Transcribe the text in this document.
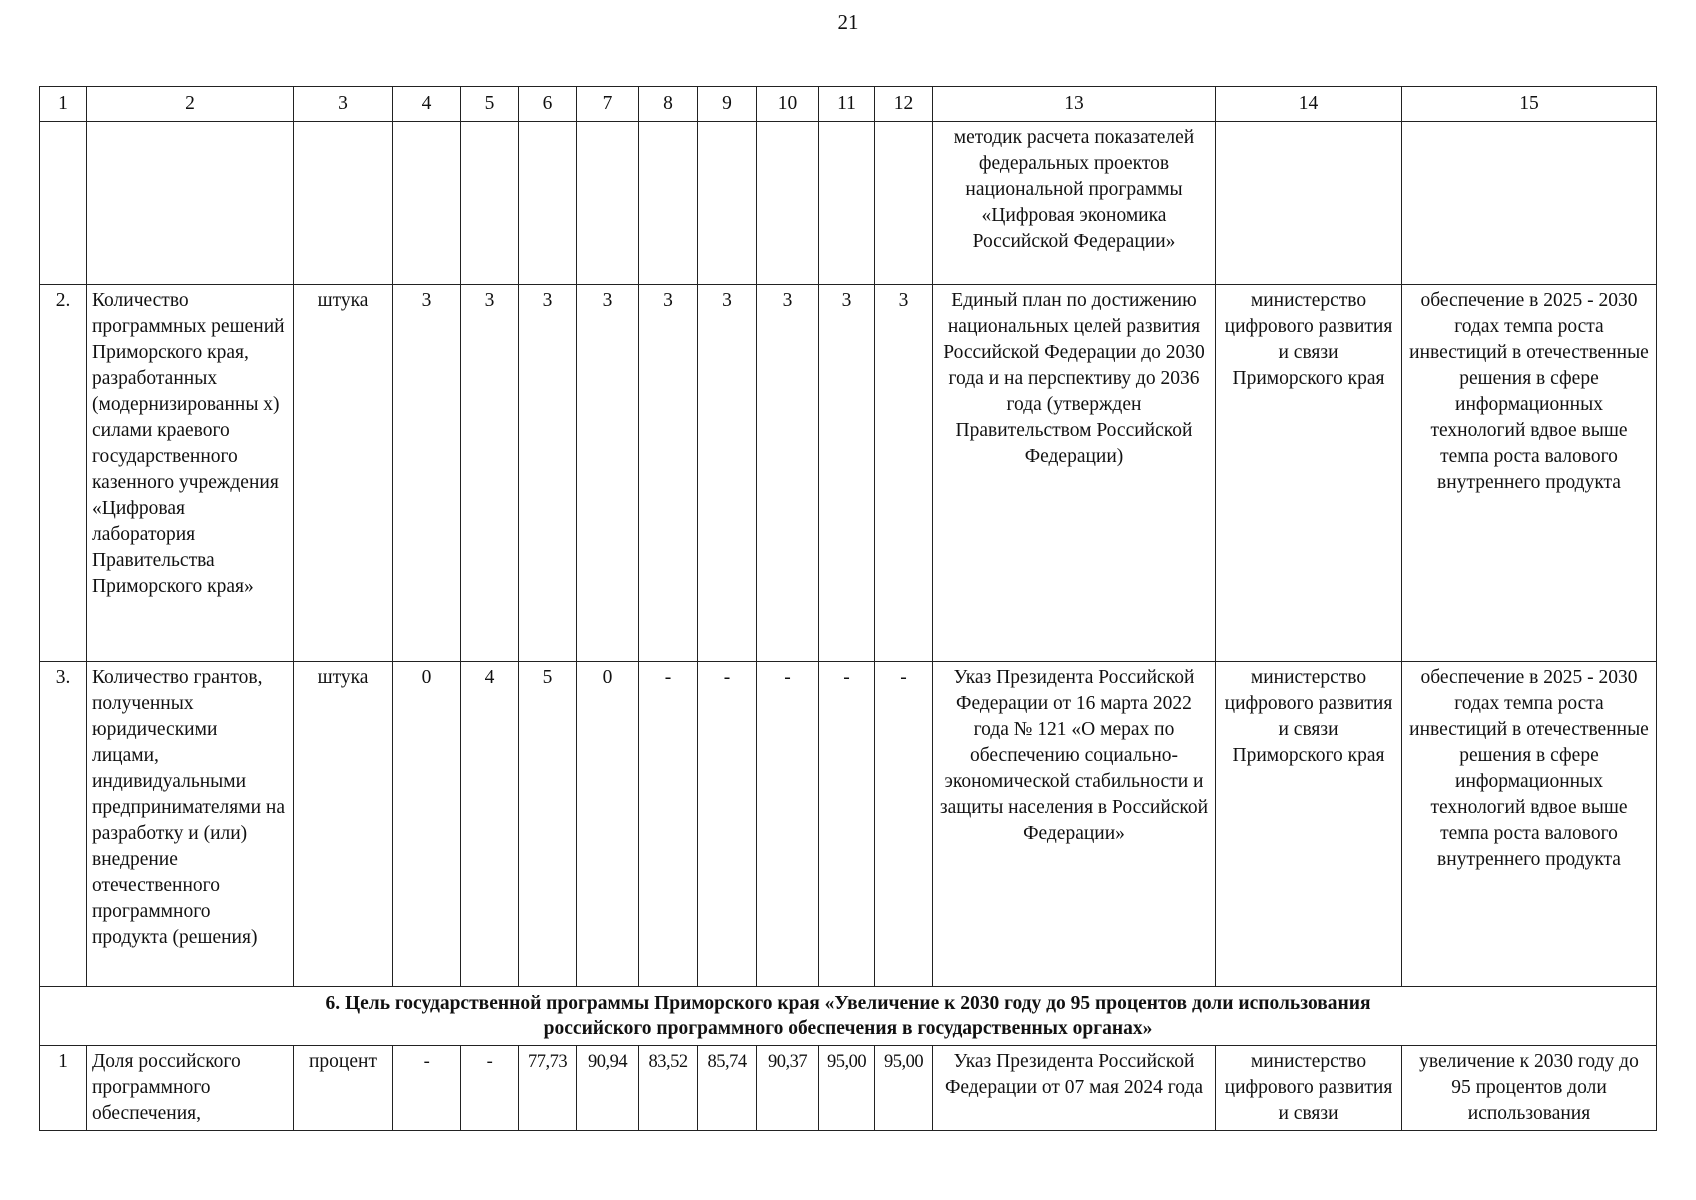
21
1	2	3	4	5	6	7	8	9	10	11	12	13	14	15
												методик расчета показателей федеральных проектов национальной программы «Цифровая экономика Российской Федерации»		
2.	Количество программных решений Приморского края, разработанных (модернизированны х) силами краевого государственного казенного учреждения «Цифровая лаборатория Правительства Приморского края»	штука	3	3	3	3	3	3	3	3	3	Единый план по достижению национальных целей развития Российской Федерации до 2030 года и на перспективу до 2036 года (утвержден Правительством Российской Федерации)	министерство цифрового развития и связи Приморского края	обеспечение в 2025 - 2030 годах темпа роста инвестиций в отечественные решения в сфере информационных технологий вдвое выше темпа роста валового внутреннего продукта
3.	Количество грантов, полученных юридическими лицами, индивидуальными предпринимателями на разработку и (или) внедрение отечественного программного продукта (решения)	штука	0	4	5	0	-	-	-	-	-	Указ Президента Российской Федерации от 16 марта 2022 года № 121 «О мерах по обеспечению социально-экономической стабильности и защиты населения в Российской Федерации»	министерство цифрового развития и связи Приморского края	обеспечение в 2025 - 2030 годах темпа роста инвестиций в отечественные решения в сфере информационных технологий вдвое выше темпа роста валового внутреннего продукта
6. Цель государственной программы Приморского края «Увеличение к 2030 году до 95 процентов доли использования
российского программного обеспечения в государственных органах»														
1	Доля российского программного обеспечения,	процент	-	-	77,73	90,94	83,52	85,74	90,37	95,00	95,00	Указ Президента Российской Федерации от 07 мая 2024 года	министерство цифрового развития и связи	увеличение к 2030 году до 95 процентов доли использования
